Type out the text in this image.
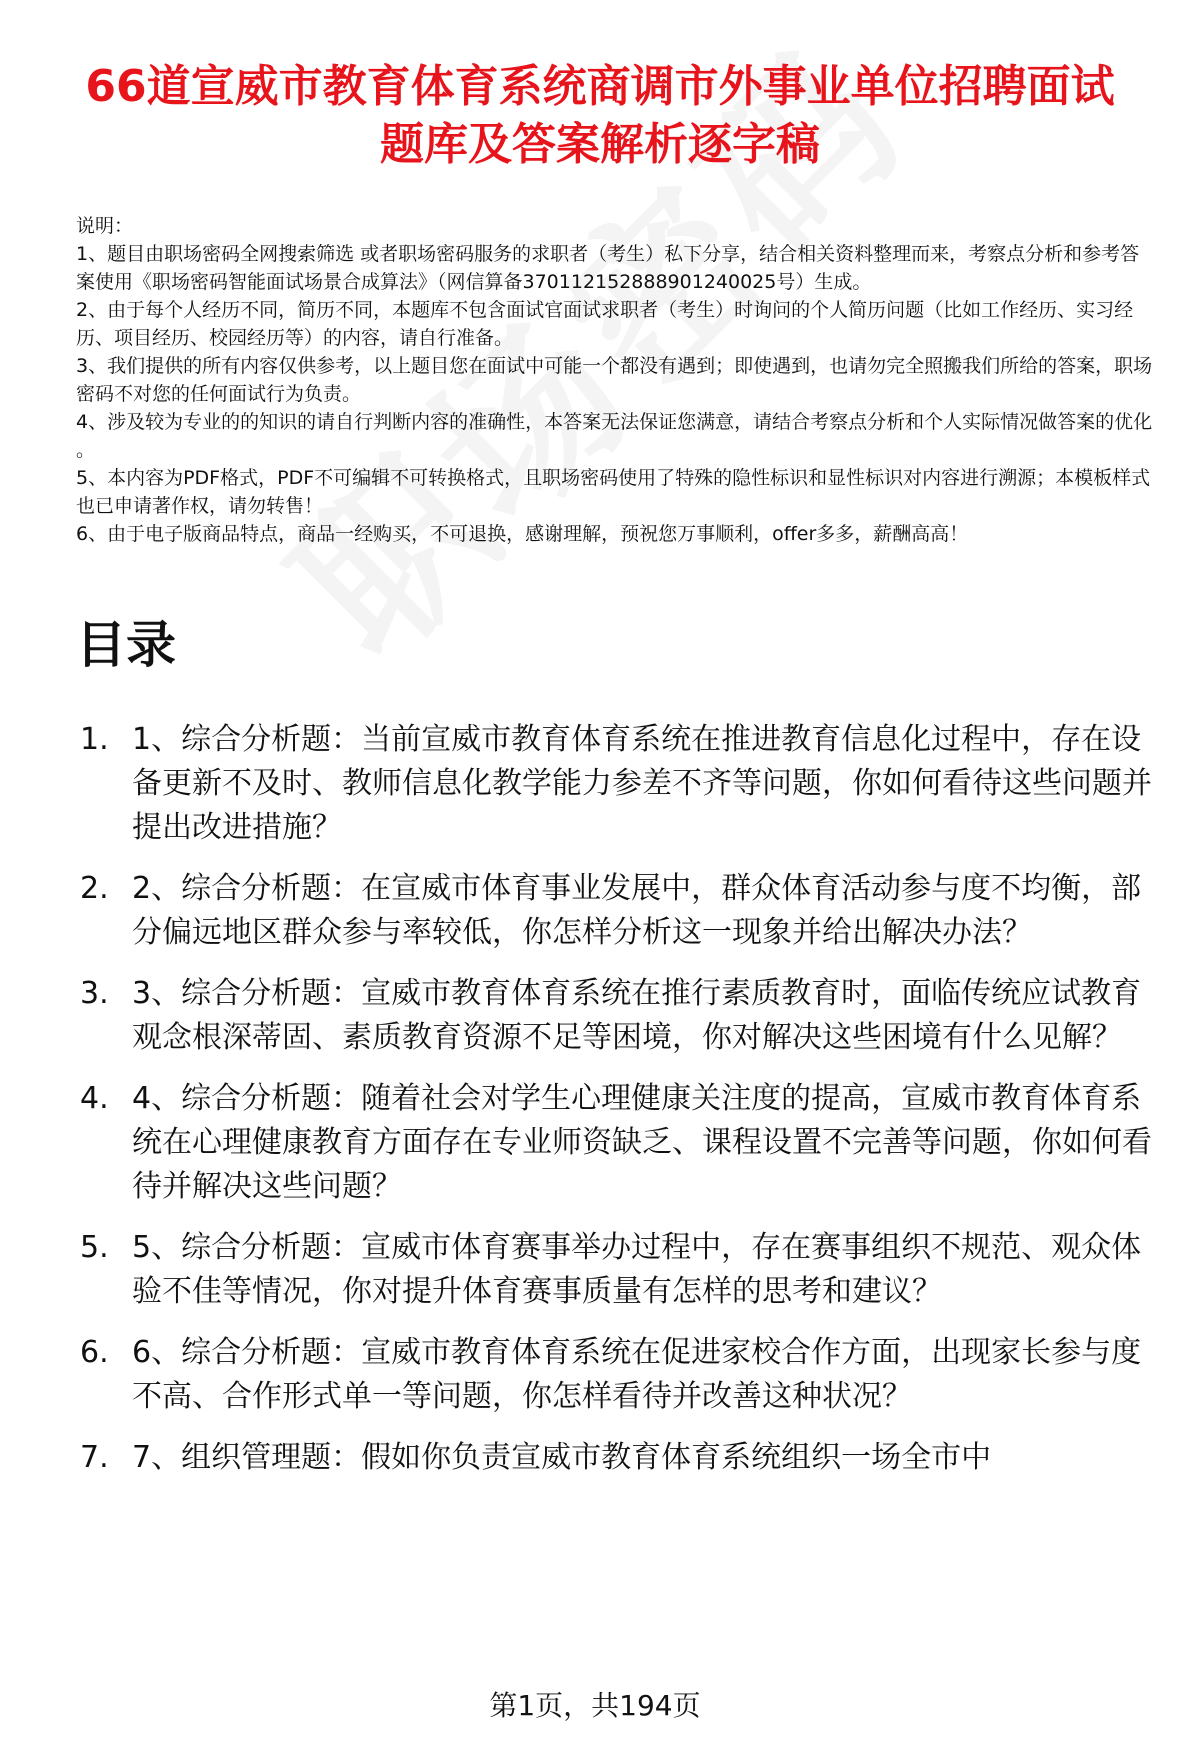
66道宣威市教育体育系统商调市外事业单位招聘面试题库及答案解析逐字稿

说明：

1、题目由职场密码全网搜索筛选 或者职场密码服务的求职者（考生）私下分享，结合相关资料整理而来，考察点分析和参考答案使用《职场密码智能面试场景合成算法》（网信算备370112152888901240025号）生成。

2、由于每个人经历不同，简历不同，本题库不包含面试官面试求职者（考生）时询问的个人简历问题（比如工作经历、实习经历、项目经历、校园经历等）的内容，请自行准备。

3、我们提供的所有内容仅供参考，以上题目您在面试中可能一个都没有遇到；即使遇到，也请勿完全照搬我们所给的答案，职场密码不对您的任何面试行为负责。

4、涉及较为专业的的知识的请自行判断内容的准确性，本答案无法保证您满意，请结合考察点分析和个人实际情况做答案的优化 。

5、本内容为PDF格式，PDF不可编辑不可转换格式，且职场密码使用了特殊的隐性标识和显性标识对内容进行溯源；本模板样式也已申请著作权，请勿转售！

6、由于电子版商品特点，商品一经购买，不可退换，感谢理解，预祝您万事顺利，offer多多，薪酬高高！

目录
1. 1、综合分析题：当前宣威市教育体育系统在推进教育信息化过程中，存在设备更新不及时、教师信息化教学能力参差不齐等问题，你如何看待这些问题并提出改进措施？
2. 2、综合分析题：在宣威市体育事业发展中，群众体育活动参与度不均衡，部分偏远地区群众参与率较低，你怎样分析这一现象并给出解决办法？
3. 3、综合分析题：宣威市教育体育系统在推行素质教育时，面临传统应试教育观念根深蒂固、素质教育资源不足等困境，你对解决这些困境有什么见解？
4. 4、综合分析题：随着社会对学生心理健康关注度的提高，宣威市教育体育系统在心理健康教育方面存在专业师资缺乏、课程设置不完善等问题，你如何看待并解决这些问题？
5. 5、综合分析题：宣威市体育赛事举办过程中，存在赛事组织不规范、观众体验不佳等情况，你对提升体育赛事质量有怎样的思考和建议？
6. 6、综合分析题：宣威市教育体育系统在促进家校合作方面，出现家长参与度不高、合作形式单一等问题，你怎样看待并改善这种状况？
7. 7、组织管理题：假如你负责宣威市教育体育系统组织一场全市中
第1页，共194页
